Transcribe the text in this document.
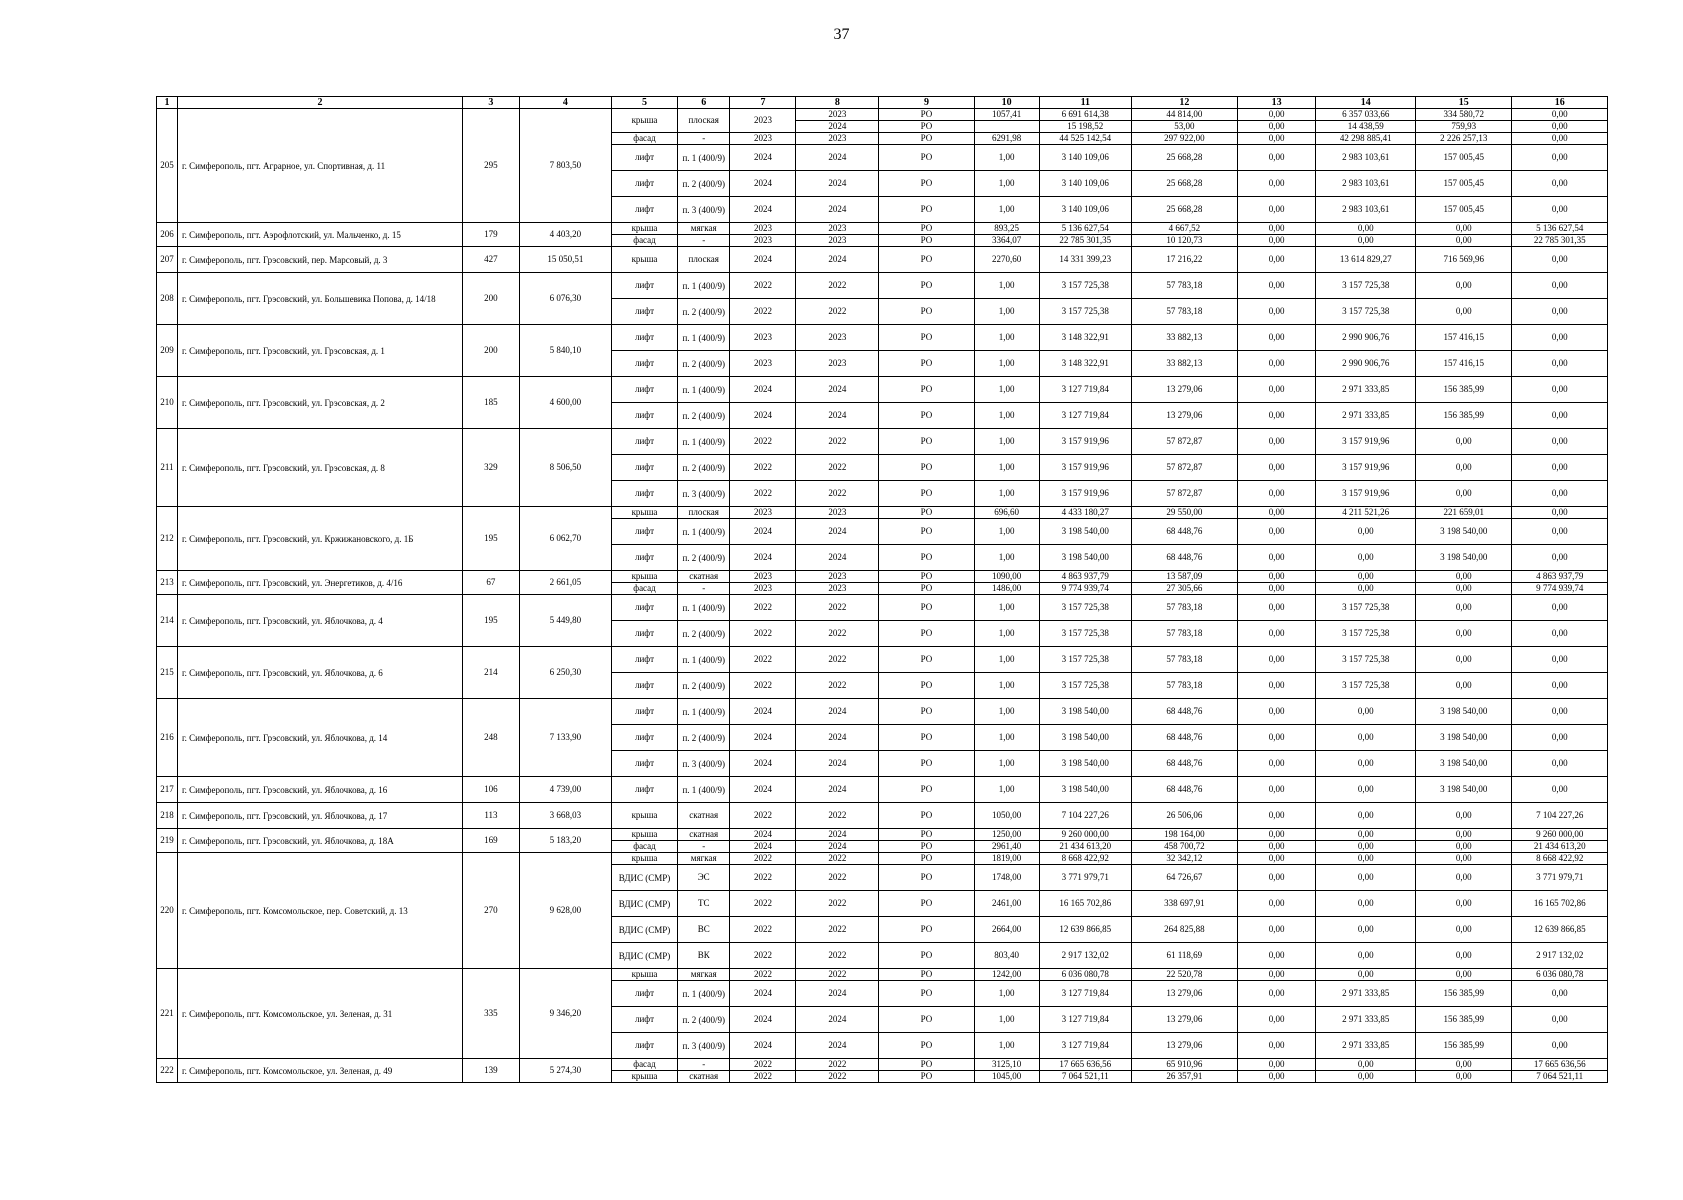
37
1	2	3	4	5	6	7	8	9	10	11	12	13	14	15	16
205	г. Симферополь, пгт. Аграрное, ул. Спортивная, д. 11	295	7 803,50	крыша	плоская	2023	2023	РО	1057,41	6 691 614,38	44 814,00	0,00	6 357 033,66	334 580,72	0,00
							2024	РО		15 198,52	53,00	0,00	14 438,59	759,93	0,00
				фасад	-	2023	2023	РО	6291,98	44 525 142,54	297 922,00	0,00	42 298 885,41	2 226 257,13	0,00
				лифт	п. 1 (400/9)	2024	2024	РО	1,00	3 140 109,06	25 668,28	0,00	2 983 103,61	157 005,45	0,00
				лифт	п. 2 (400/9)	2024	2024	РО	1,00	3 140 109,06	25 668,28	0,00	2 983 103,61	157 005,45	0,00
				лифт	п. 3 (400/9)	2024	2024	РО	1,00	3 140 109,06	25 668,28	0,00	2 983 103,61	157 005,45	0,00
206	г. Симферополь, пгт. Аэрофлотский, ул. Мальченко, д. 15	179	4 403,20	крыша	мягкая	2023	2023	РО	893,25	5 136 627,54	4 667,52	0,00	0,00	0,00	5 136 627,54
				фасад	-	2023	2023	РО	3364,07	22 785 301,35	10 120,73	0,00	0,00	0,00	22 785 301,35
207	г. Симферополь, пгт. Грэсовский, пер. Марсовый, д. 3	427	15 050,51	крыша	плоская	2024	2024	РО	2270,60	14 331 399,23	17 216,22	0,00	13 614 829,27	716 569,96	0,00
208	г. Симферополь, пгт. Грэсовский, ул. Большевика Попова, д. 14/18	200	6 076,30	лифт	п. 1 (400/9)	2022	2022	РО	1,00	3 157 725,38	57 783,18	0,00	3 157 725,38	0,00	0,00
				лифт	п. 2 (400/9)	2022	2022	РО	1,00	3 157 725,38	57 783,18	0,00	3 157 725,38	0,00	0,00
209	г. Симферополь, пгт. Грэсовский, ул. Грэсовская, д. 1	200	5 840,10	лифт	п. 1 (400/9)	2023	2023	РО	1,00	3 148 322,91	33 882,13	0,00	2 990 906,76	157 416,15	0,00
				лифт	п. 2 (400/9)	2023	2023	РО	1,00	3 148 322,91	33 882,13	0,00	2 990 906,76	157 416,15	0,00
210	г. Симферополь, пгт. Грэсовский, ул. Грэсовская, д. 2	185	4 600,00	лифт	п. 1 (400/9)	2024	2024	РО	1,00	3 127 719,84	13 279,06	0,00	2 971 333,85	156 385,99	0,00
				лифт	п. 2 (400/9)	2024	2024	РО	1,00	3 127 719,84	13 279,06	0,00	2 971 333,85	156 385,99	0,00
211	г. Симферополь, пгт. Грэсовский, ул. Грэсовская, д. 8	329	8 506,50	лифт	п. 1 (400/9)	2022	2022	РО	1,00	3 157 919,96	57 872,87	0,00	3 157 919,96	0,00	0,00
				лифт	п. 2 (400/9)	2022	2022	РО	1,00	3 157 919,96	57 872,87	0,00	3 157 919,96	0,00	0,00
				лифт	п. 3 (400/9)	2022	2022	РО	1,00	3 157 919,96	57 872,87	0,00	3 157 919,96	0,00	0,00
212	г. Симферополь, пгт. Грэсовский, ул. Кржижановского, д. 1Б	195	6 062,70	крыша	плоская	2023	2023	РО	696,60	4 433 180,27	29 550,00	0,00	4 211 521,26	221 659,01	0,00
				лифт	п. 1 (400/9)	2024	2024	РО	1,00	3 198 540,00	68 448,76	0,00	0,00	3 198 540,00	0,00
				лифт	п. 2 (400/9)	2024	2024	РО	1,00	3 198 540,00	68 448,76	0,00	0,00	3 198 540,00	0,00
213	г. Симферополь, пгт. Грэсовский, ул. Энергетиков, д. 4/16	67	2 661,05	крыша	скатная	2023	2023	РО	1090,00	4 863 937,79	13 587,09	0,00	0,00	0,00	4 863 937,79
				фасад	-	2023	2023	РО	1486,00	9 774 939,74	27 305,66	0,00	0,00	0,00	9 774 939,74
214	г. Симферополь, пгт. Грэсовский, ул. Яблочкова, д. 4	195	5 449,80	лифт	п. 1 (400/9)	2022	2022	РО	1,00	3 157 725,38	57 783,18	0,00	3 157 725,38	0,00	0,00
				лифт	п. 2 (400/9)	2022	2022	РО	1,00	3 157 725,38	57 783,18	0,00	3 157 725,38	0,00	0,00
215	г. Симферополь, пгт. Грэсовский, ул. Яблочкова, д. 6	214	6 250,30	лифт	п. 1 (400/9)	2022	2022	РО	1,00	3 157 725,38	57 783,18	0,00	3 157 725,38	0,00	0,00
				лифт	п. 2 (400/9)	2022	2022	РО	1,00	3 157 725,38	57 783,18	0,00	3 157 725,38	0,00	0,00
216	г. Симферополь, пгт. Грэсовский, ул. Яблочкова, д. 14	248	7 133,90	лифт	п. 1 (400/9)	2024	2024	РО	1,00	3 198 540,00	68 448,76	0,00	0,00	3 198 540,00	0,00
				лифт	п. 2 (400/9)	2024	2024	РО	1,00	3 198 540,00	68 448,76	0,00	0,00	3 198 540,00	0,00
				лифт	п. 3 (400/9)	2024	2024	РО	1,00	3 198 540,00	68 448,76	0,00	0,00	3 198 540,00	0,00
217	г. Симферополь, пгт. Грэсовский, ул. Яблочкова, д. 16	106	4 739,00	лифт	п. 1 (400/9)	2024	2024	РО	1,00	3 198 540,00	68 448,76	0,00	0,00	3 198 540,00	0,00
218	г. Симферополь, пгт. Грэсовский, ул. Яблочкова, д. 17	113	3 668,03	крыша	скатная	2022	2022	РО	1050,00	7 104 227,26	26 506,06	0,00	0,00	0,00	7 104 227,26
219	г. Симферополь, пгт. Грэсовский, ул. Яблочкова, д. 18А	169	5 183,20	крыша	скатная	2024	2024	РО	1250,00	9 260 000,00	198 164,00	0,00	0,00	0,00	9 260 000,00
				фасад	-	2024	2024	РО	2961,40	21 434 613,20	458 700,72	0,00	0,00	0,00	21 434 613,20
220	г. Симферополь, пгт. Комсомольское, пер. Советский, д. 13	270	9 628,00	крыша	мягкая	2022	2022	РО	1819,00	8 668 422,92	32 342,12	0,00	0,00	0,00	8 668 422,92
				ВДИС (СМР)	ЭС	2022	2022	РО	1748,00	3 771 979,71	64 726,67	0,00	0,00	0,00	3 771 979,71
				ВДИС (СМР)	ТС	2022	2022	РО	2461,00	16 165 702,86	338 697,91	0,00	0,00	0,00	16 165 702,86
				ВДИС (СМР)	ВС	2022	2022	РО	2664,00	12 639 866,85	264 825,88	0,00	0,00	0,00	12 639 866,85
				ВДИС (СМР)	ВК	2022	2022	РО	803,40	2 917 132,02	61 118,69	0,00	0,00	0,00	2 917 132,02
221	г. Симферополь, пгт. Комсомольское, ул. Зеленая, д. 31	335	9 346,20	крыша	мягкая	2022	2022	РО	1242,00	6 036 080,78	22 520,78	0,00	0,00	0,00	6 036 080,78
				лифт	п. 1 (400/9)	2024	2024	РО	1,00	3 127 719,84	13 279,06	0,00	2 971 333,85	156 385,99	0,00
				лифт	п. 2 (400/9)	2024	2024	РО	1,00	3 127 719,84	13 279,06	0,00	2 971 333,85	156 385,99	0,00
				лифт	п. 3 (400/9)	2024	2024	РО	1,00	3 127 719,84	13 279,06	0,00	2 971 333,85	156 385,99	0,00
222	г. Симферополь, пгт. Комсомольское, ул. Зеленая, д. 49	139	5 274,30	фасад	-	2022	2022	РО	3125,10	17 665 636,56	65 910,96	0,00	0,00	0,00	17 665 636,56
				крыша	скатная	2022	2022	РО	1045,00	7 064 521,11	26 357,91	0,00	0,00	0,00	7 064 521,11
